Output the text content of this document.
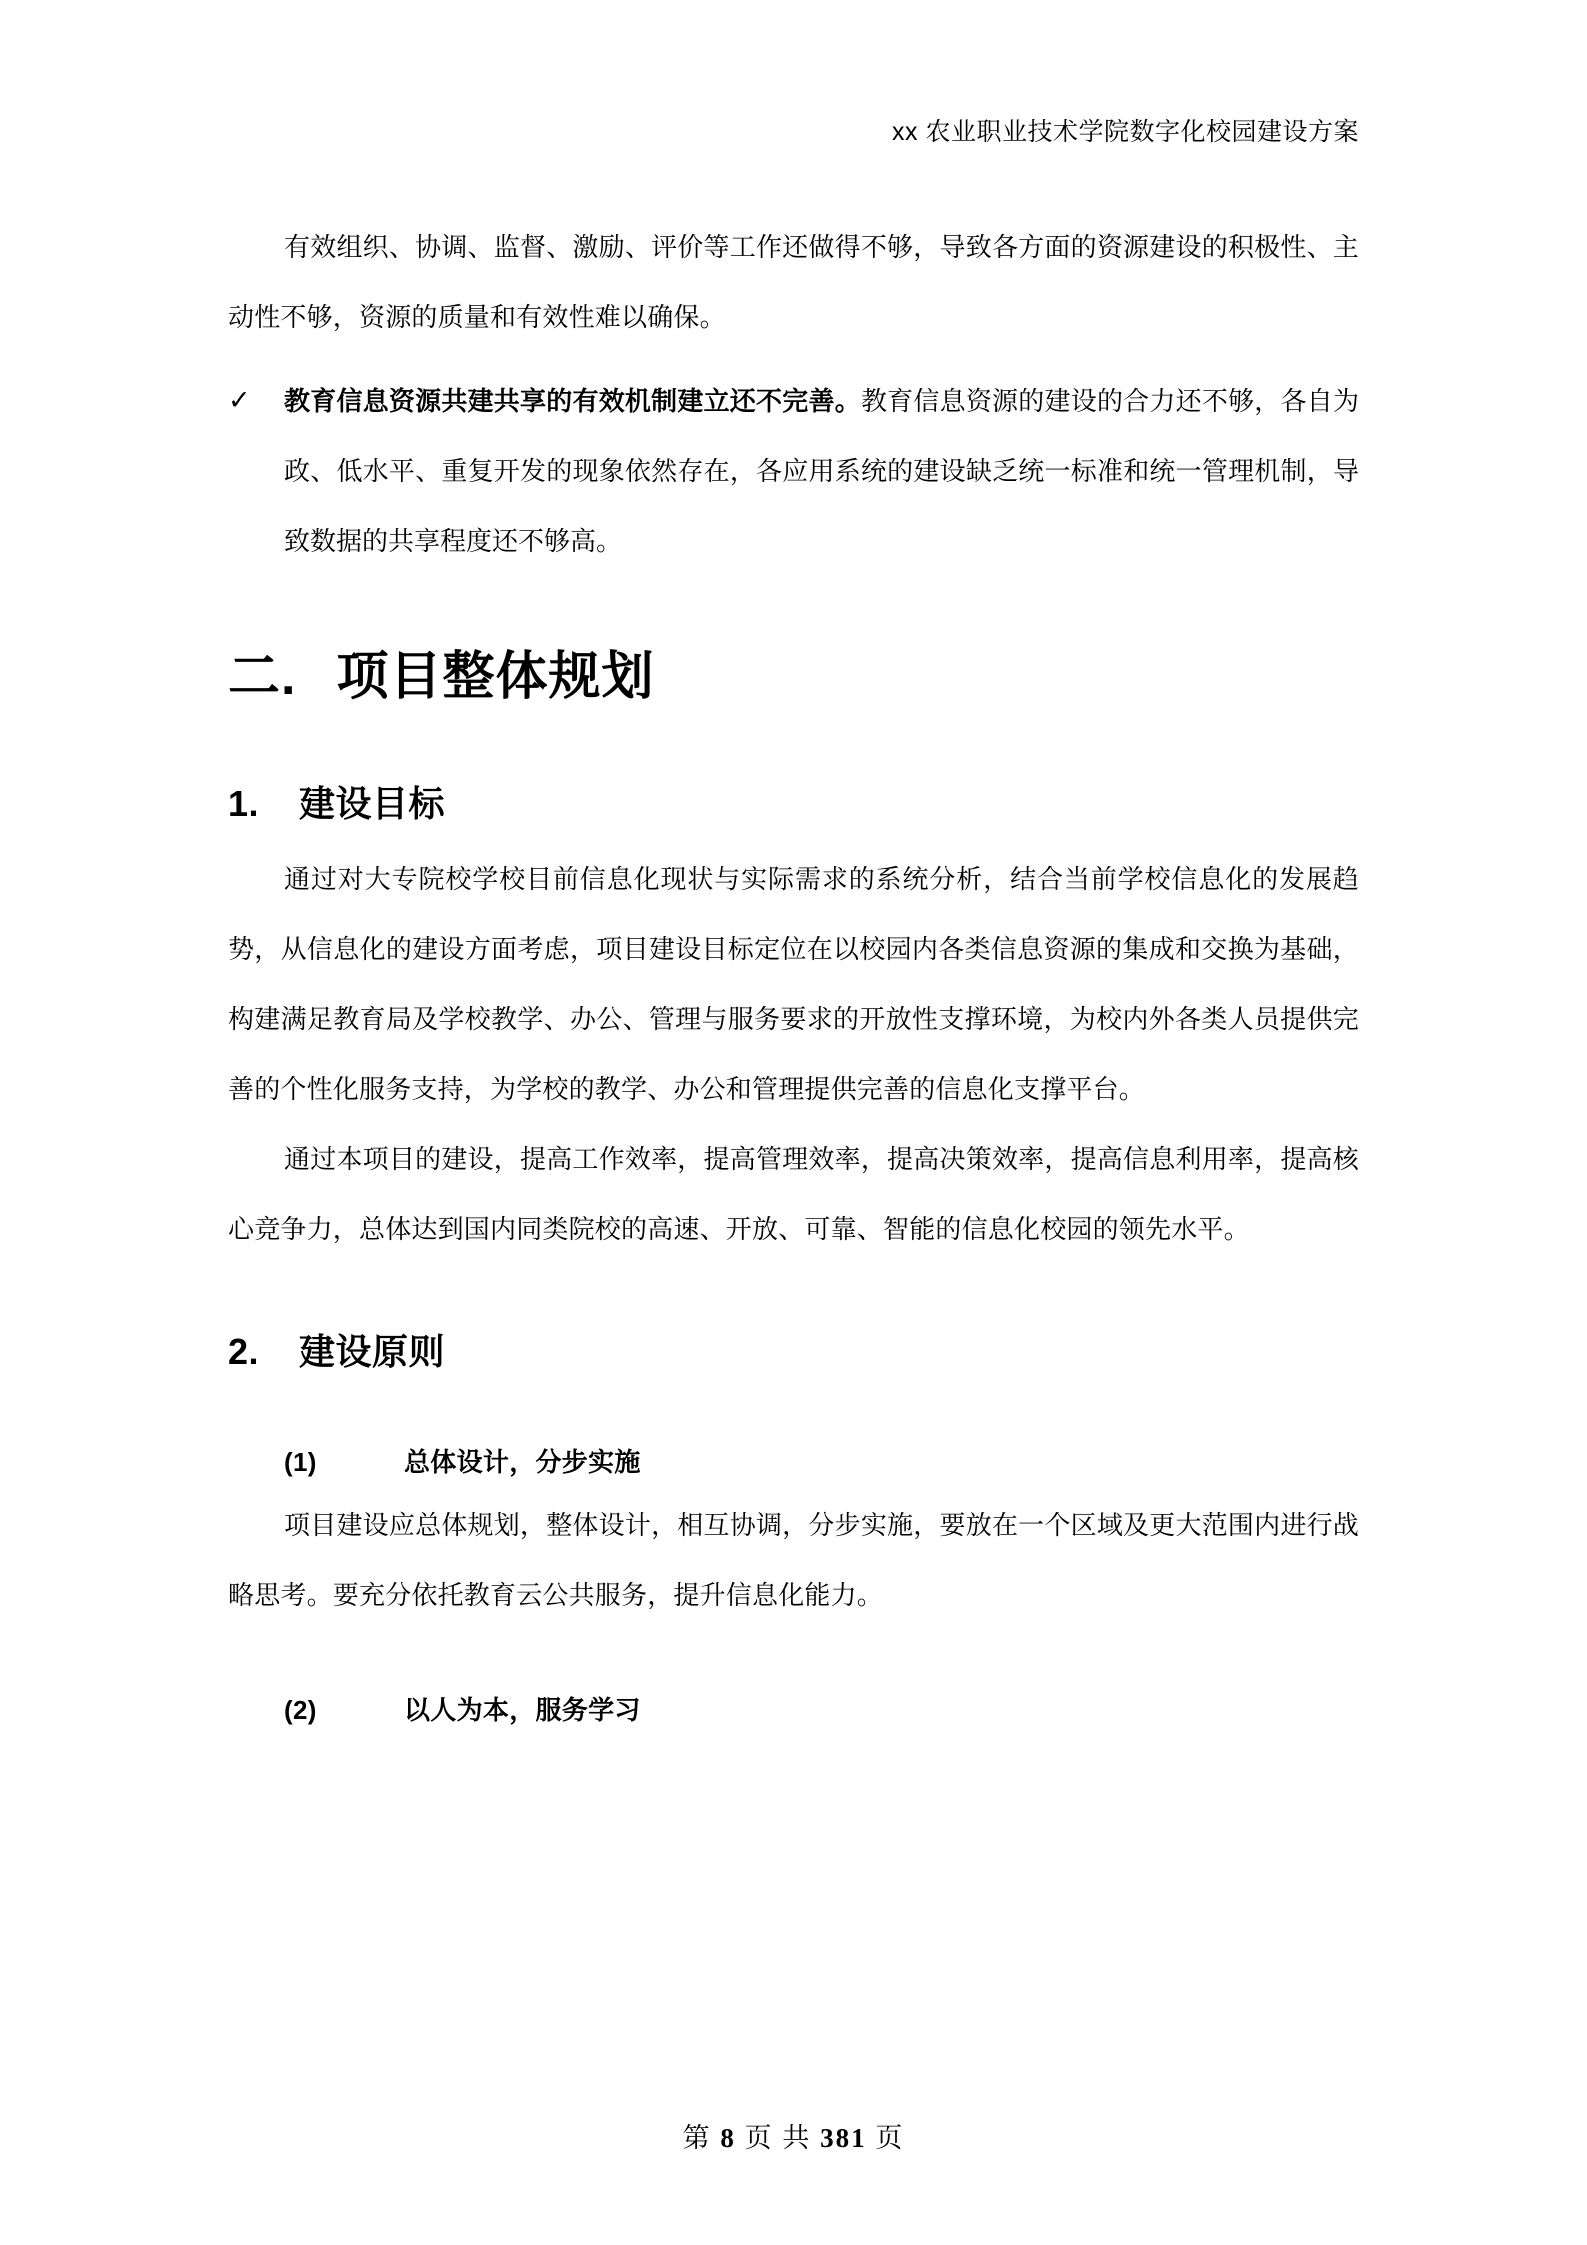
xx 农业职业技术学院数字化校园建设方案

有效组织、协调、监督、激励、评价等工作还做得不够，导致各方面的资源建设的积极性、主动性不够，资源的质量和有效性难以确保。

✓ 教育信息资源共建共享的有效机制建立还不完善。教育信息资源的建设的合力还不够，各自为政、低水平、重复开发的现象依然存在，各应用系统的建设缺乏统一标准和统一管理机制，导致数据的共享程度还不够高。
二. 项目整体规划
1. 建设目标

通过对大专院校学校目前信息化现状与实际需求的系统分析，结合当前学校信息化的发展趋势，从信息化的建设方面考虑，项目建设目标定位在以校园内各类信息资源的集成和交换为基础，构建满足教育局及学校教学、办公、管理与服务要求的开放性支撑环境，为校内外各类人员提供完善的个性化服务支持，为学校的教学、办公和管理提供完善的信息化支撑平台。

通过本项目的建设，提高工作效率，提高管理效率，提高决策效率，提高信息利用率，提高核心竞争力，总体达到国内同类院校的高速、开放、可靠、智能的信息化校园的领先水平。

2. 建设原则
(1)	总体设计，分步实施

项目建设应总体规划，整体设计，相互协调，分步实施，要放在一个区域及更大范围内进行战略思考。要充分依托教育云公共服务，提升信息化能力。

(2)	以人为本，服务学习
第 8 页 共 381 页
